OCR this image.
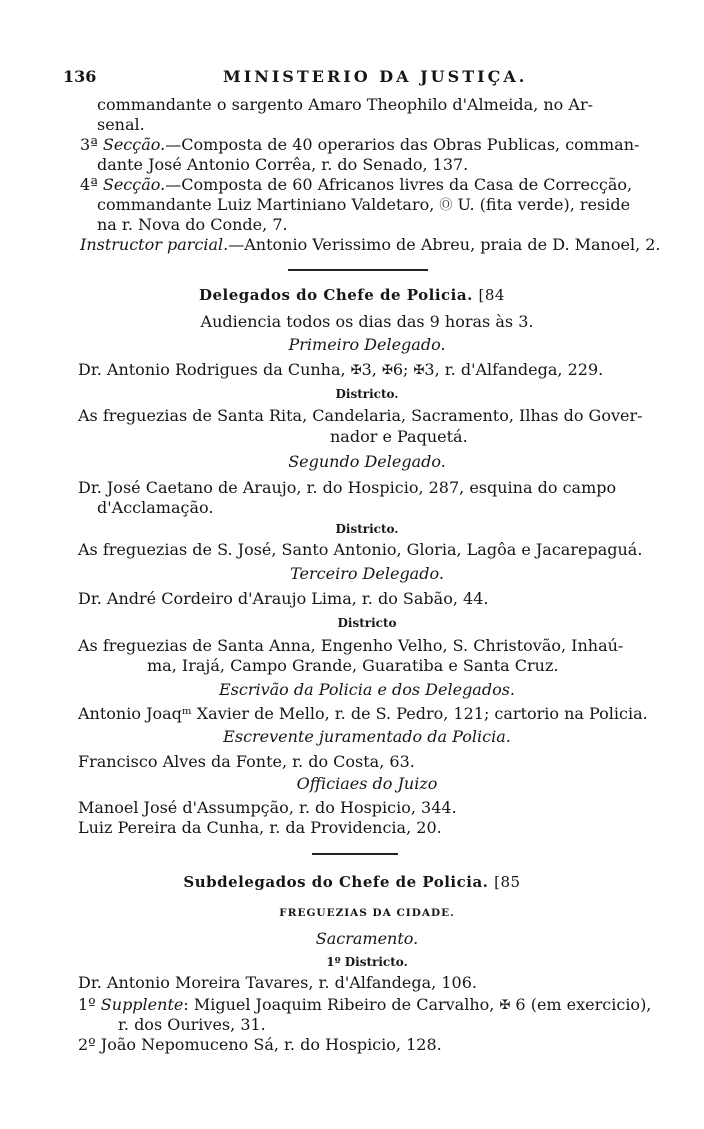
136	MINISTERIO DA JUSTIÇA.
commandante o sargento Amaro Theophilo d'Almeida, no Ar-
senal.
3ª Secção.—Composta de 40 operarios das Obras Publicas, comman-
dante José Antonio Corrêa, r. do Senado, 137.
4ª Secção.—Composta de 60 Africanos livres da Casa de Correcção,
commandante Luiz Martiniano Valdetaro, Ⓞ U. (fita verde), reside
na r. Nova do Conde, 7.
Instructor parcial.—Antonio Verissimo de Abreu, praia de D. Manoel, 2.
Delegados do Chefe de Policia. [84
Audiencia todos os dias das 9 horas às 3.
Primeiro Delegado.
Dr. Antonio Rodrigues da Cunha, ✠3, ✠6; ✠3, r. d'Alfandega, 229.
Districto.
As freguezias de Santa Rita, Candelaria, Sacramento, Ilhas do Gover-
nador e Paquetá.
Segundo Delegado.
Dr. José Caetano de Araujo, r. do Hospicio, 287, esquina do campo
d'Acclamação.
Districto.
As freguezias de S. José, Santo Antonio, Gloria, Lagôa e Jacarepaguá.
Terceiro Delegado.
Dr. André Cordeiro d'Araujo Lima, r. do Sabão, 44.
Districto
As freguezias de Santa Anna, Engenho Velho, S. Christovão, Inhaú-
ma, Irajá, Campo Grande, Guaratiba e Santa Cruz.
Escrivão da Policia e dos Delegados.
Antonio Joaqᵐ Xavier de Mello, r. de S. Pedro, 121; cartorio na Policia.
Escrevente juramentado da Policia.
Francisco Alves da Fonte, r. do Costa, 63.
Officiaes do Juizo
Manoel José d'Assumpção, r. do Hospicio, 344.
Luiz Pereira da Cunha, r. da Providencia, 20.
Subdelegados do Chefe de Policia. [85
FREGUEZIAS DA CIDADE.
Sacramento.
1º Districto.
Dr. Antonio Moreira Tavares, r. d'Alfandega, 106.
1º Supplente: Miguel Joaquim Ribeiro de Carvalho, ✠ 6 (em exercicio),
r. dos Ourives, 31.
2º João Nepomuceno Sá, r. do Hospicio, 128.
